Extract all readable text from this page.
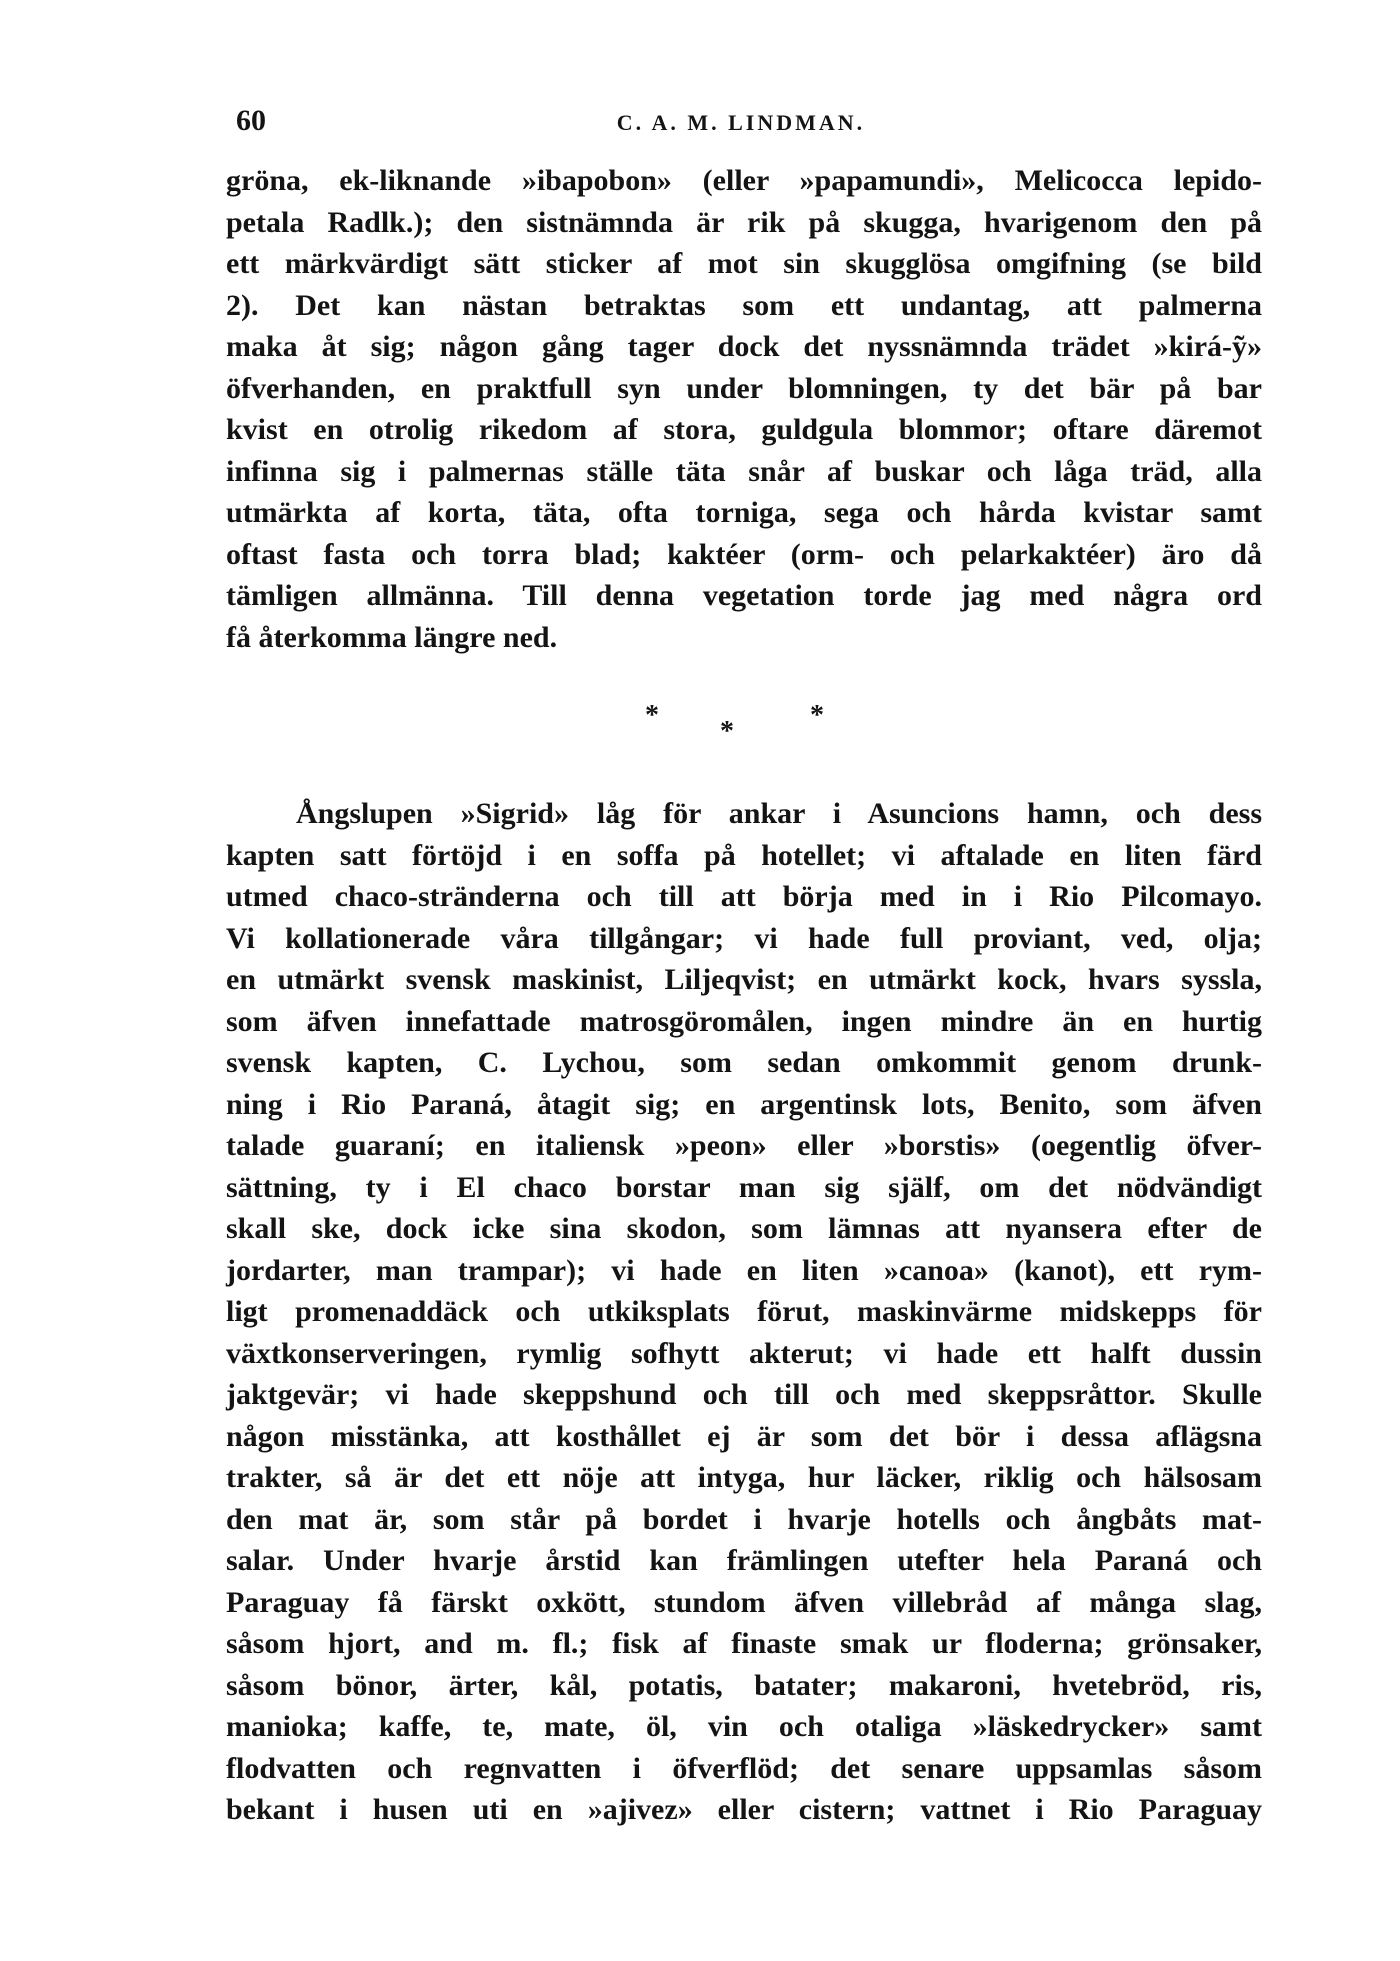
60	C. A. M. LINDMAN.
gröna, ek-liknande »ibapobon» (eller »papamundi», Melicocca lepido-
petala Radlk.); den sistnämnda är rik på skugga, hvarigenom den på
ett märkvärdigt sätt sticker af mot sin skugglösa omgifning (se bild
2). Det kan nästan betraktas som ett undantag, att palmerna
maka åt sig; någon gång tager dock det nyssnämnda trädet »kirá-ỹ»
öfverhanden, en praktfull syn under blomningen, ty det bär på bar
kvist en otrolig rikedom af stora, guldgula blommor; oftare däremot
infinna sig i palmernas ställe täta snår af buskar och låga träd, alla
utmärkta af korta, täta, ofta torniga, sega och hårda kvistar samt
oftast fasta och torra blad; kaktéer (orm- och pelarkaktéer) äro då
tämligen allmänna. Till denna vegetation torde jag med några ord
få återkomma längre ned.
*
*
*
Ångslupen »Sigrid» låg för ankar i Asuncions hamn, och dess
kapten satt förtöjd i en soffa på hotellet; vi aftalade en liten färd
utmed chaco-stränderna och till att börja med in i Rio Pilcomayo.
Vi kollationerade våra tillgångar; vi hade full proviant, ved, olja;
en utmärkt svensk maskinist, Liljeqvist; en utmärkt kock, hvars syssla,
som äfven innefattade matrosgöromålen, ingen mindre än en hurtig
svensk kapten, C. Lychou, som sedan omkommit genom drunk-
ning i Rio Paraná, åtagit sig; en argentinsk lots, Benito, som äfven
talade guaraní; en italiensk »peon» eller »borstis» (oegentlig öfver-
sättning, ty i El chaco borstar man sig själf, om det nödvändigt
skall ske, dock icke sina skodon, som lämnas att nyansera efter de
jordarter, man trampar); vi hade en liten »canoa» (kanot), ett rym-
ligt promenaddäck och utkiksplats förut, maskinvärme midskepps för
växtkonserveringen, rymlig sofhytt akterut; vi hade ett halft dussin
jaktgevär; vi hade skeppshund och till och med skeppsråttor. Skulle
någon misstänka, att kosthållet ej är som det bör i dessa aflägsna
trakter, så är det ett nöje att intyga, hur läcker, riklig och hälsosam
den mat är, som står på bordet i hvarje hotells och ångbåts mat-
salar. Under hvarje årstid kan främlingen utefter hela Paraná och
Paraguay få färskt oxkött, stundom äfven villebråd af många slag,
såsom hjort, and m. fl.; fisk af finaste smak ur floderna; grönsaker,
såsom bönor, ärter, kål, potatis, batater; makaroni, hvetebröd, ris,
manioka; kaffe, te, mate, öl, vin och otaliga »läskedrycker» samt
flodvatten och regnvatten i öfverflöd; det senare uppsamlas såsom
bekant i husen uti en »ajivez» eller cistern; vattnet i Rio Paraguay
